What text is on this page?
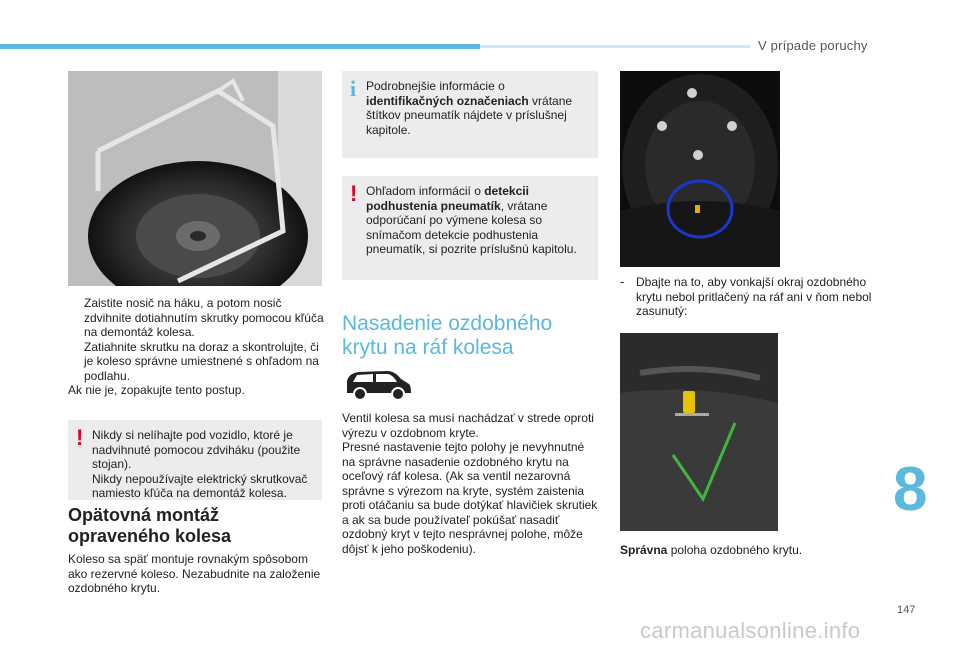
V prípade poruchy
Zaistite nosič na háku, a potom nosič zdvihnite dotiahnutím skrutky pomocou kľúča na demontáž kolesa.
Zatiahnite skrutku na doraz a skontrolujte, či je koleso správne umiestnené s ohľadom na podlahu.
Ak nie je, zopakujte tento postup.
! Nikdy si nelíhajte pod vozidlo, ktoré je nadvihnuté pomocou zdviháku (použite stojan).
Nikdy nepoužívajte elektrický skrutkovač namiesto kľúča na demontáž kolesa.
Opätovná montáž
opraveného kolesa
Koleso sa späť montuje rovnakým spôsobom ako rezervné koleso. Nezabudnite na založenie ozdobného krytu.
i Podrobnejšie informácie o identifikačných označeniach vrátane štítkov pneumatík nájdete v príslušnej kapitole.
! Ohľadom informácií o detekcii podhustenia pneumatík, vrátane odporúčaní po výmene kolesa so snímačom detekcie podhustenia pneumatík, si pozrite príslušnú kapitolu.
Nasadenie ozdobného
krytu na ráf kolesa
Ventil kolesa sa musí nachádzať v strede oproti výrezu v ozdobnom kryte.
Presné nastavenie tejto polohy je nevyhnutné na správne nasadenie ozdobného krytu na oceľový ráf kolesa. (Ak sa ventil nezarovná správne s výrezom na kryte, systém zaistenia proti otáčaniu sa bude dotýkať hlavičiek skrutiek a ak sa bude používateľ pokúšať nasadiť ozdobný kryt v tejto nesprávnej polohe, môže dôjsť k jeho poškodeniu).
- Dbajte na to, aby vonkajší okraj ozdobného krytu nebol pritlačený na ráf ani v ňom nebol zasunutý:
Správna poloha ozdobného krytu.
8
147
carmanualsonline.info
